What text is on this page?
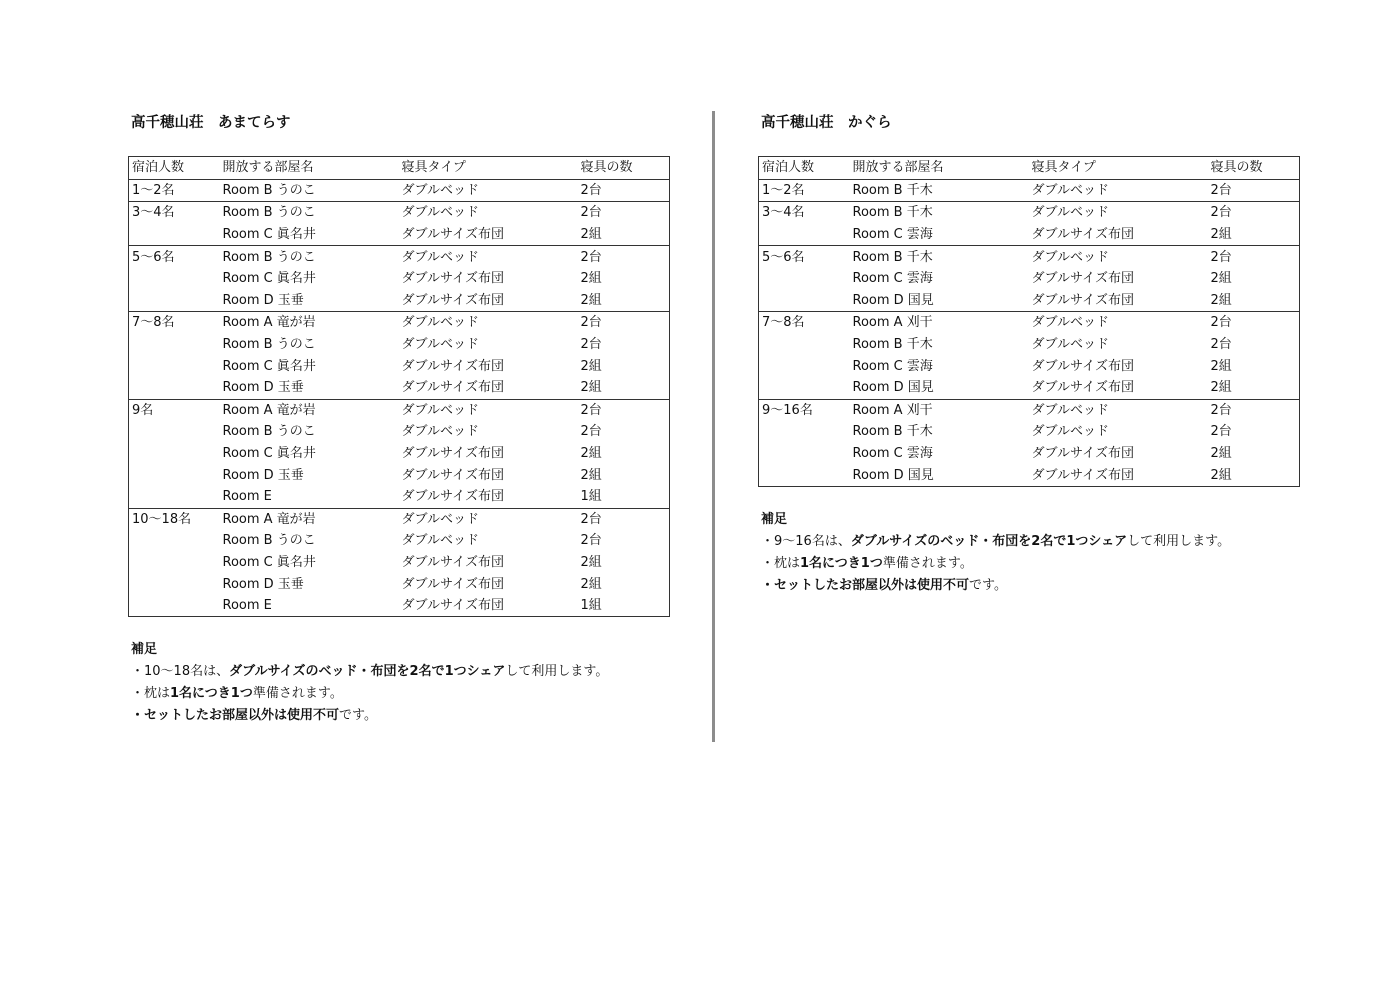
高千穂山荘　あまてらす
宿泊人数	開放する部屋名	寝具タイプ	寝具の数
1〜2名	Room B うのこ	ダブルベッド	2台
3〜4名	Room B うのこ	ダブルベッド	2台
	Room C 眞名井	ダブルサイズ布団	2組
5〜6名	Room B うのこ	ダブルベッド	2台
	Room C 眞名井	ダブルサイズ布団	2組
	Room D 玉垂	ダブルサイズ布団	2組
7〜8名	Room A 竜が岩	ダブルベッド	2台
	Room B うのこ	ダブルベッド	2台
	Room C 眞名井	ダブルサイズ布団	2組
	Room D 玉垂	ダブルサイズ布団	2組
9名	Room A 竜が岩	ダブルベッド	2台
	Room B うのこ	ダブルベッド	2台
	Room C 眞名井	ダブルサイズ布団	2組
	Room D 玉垂	ダブルサイズ布団	2組
	Room E	ダブルサイズ布団	1組
10〜18名	Room A 竜が岩	ダブルベッド	2台
	Room B うのこ	ダブルベッド	2台
	Room C 眞名井	ダブルサイズ布団	2組
	Room D 玉垂	ダブルサイズ布団	2組
	Room E	ダブルサイズ布団	1組
補足
・10〜18名は、ダブルサイズのベッド・布団を2名で1つシェアして利用します。
・枕は1名につき1つ準備されます。
・セットしたお部屋以外は使用不可です。
高千穂山荘　かぐら
宿泊人数	開放する部屋名	寝具タイプ	寝具の数
1〜2名	Room B 千木	ダブルベッド	2台
3〜4名	Room B 千木	ダブルベッド	2台
	Room C 雲海	ダブルサイズ布団	2組
5〜6名	Room B 千木	ダブルベッド	2台
	Room C 雲海	ダブルサイズ布団	2組
	Room D 国見	ダブルサイズ布団	2組
7〜8名	Room A 刈干	ダブルベッド	2台
	Room B 千木	ダブルベッド	2台
	Room C 雲海	ダブルサイズ布団	2組
	Room D 国見	ダブルサイズ布団	2組
9〜16名	Room A 刈干	ダブルベッド	2台
	Room B 千木	ダブルベッド	2台
	Room C 雲海	ダブルサイズ布団	2組
	Room D 国見	ダブルサイズ布団	2組
補足
・9〜16名は、ダブルサイズのベッド・布団を2名で1つシェアして利用します。
・枕は1名につき1つ準備されます。
・セットしたお部屋以外は使用不可です。
